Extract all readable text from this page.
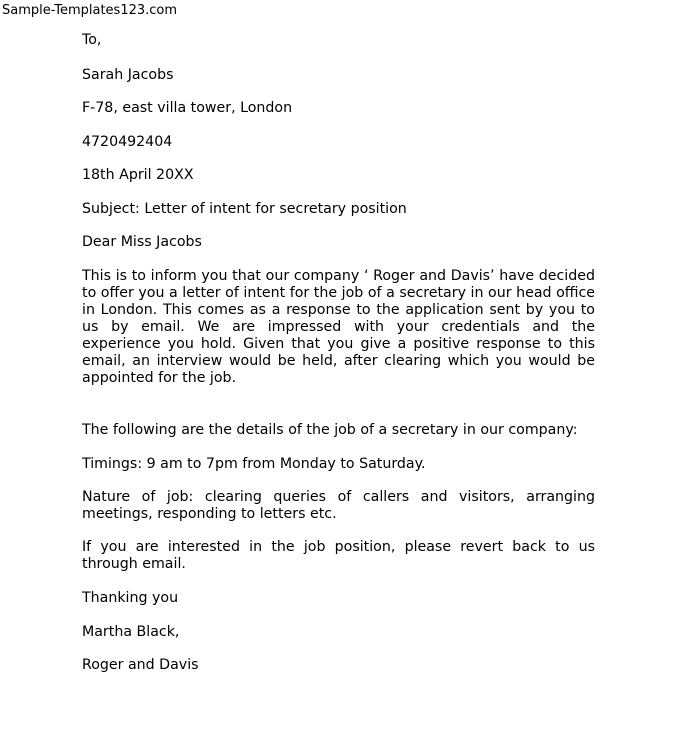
Sample-Templates123.com

To,

Sarah Jacobs

F-78, east villa tower, London

4720492404

18th April 20XX

Subject: Letter of intent for secretary position

Dear Miss Jacobs

This is to inform you that our company ‘ Roger and Davis’ have decided to offer you a letter of intent for the job of a secretary in our head office in London. This comes as a response to the application sent by you to us by email. We are impressed with your credentials and the experience you hold. Given that you give a positive response to this email, an interview would be held, after clearing which you would be appointed for the job.

The following are the details of the job of a secretary in our company:

Timings: 9 am to 7pm from Monday to Saturday.

Nature of job: clearing queries of callers and visitors, arranging meetings, responding to letters etc.

If you are interested in the job position, please revert back to us through email.

Thanking you

Martha Black,

Roger and Davis
